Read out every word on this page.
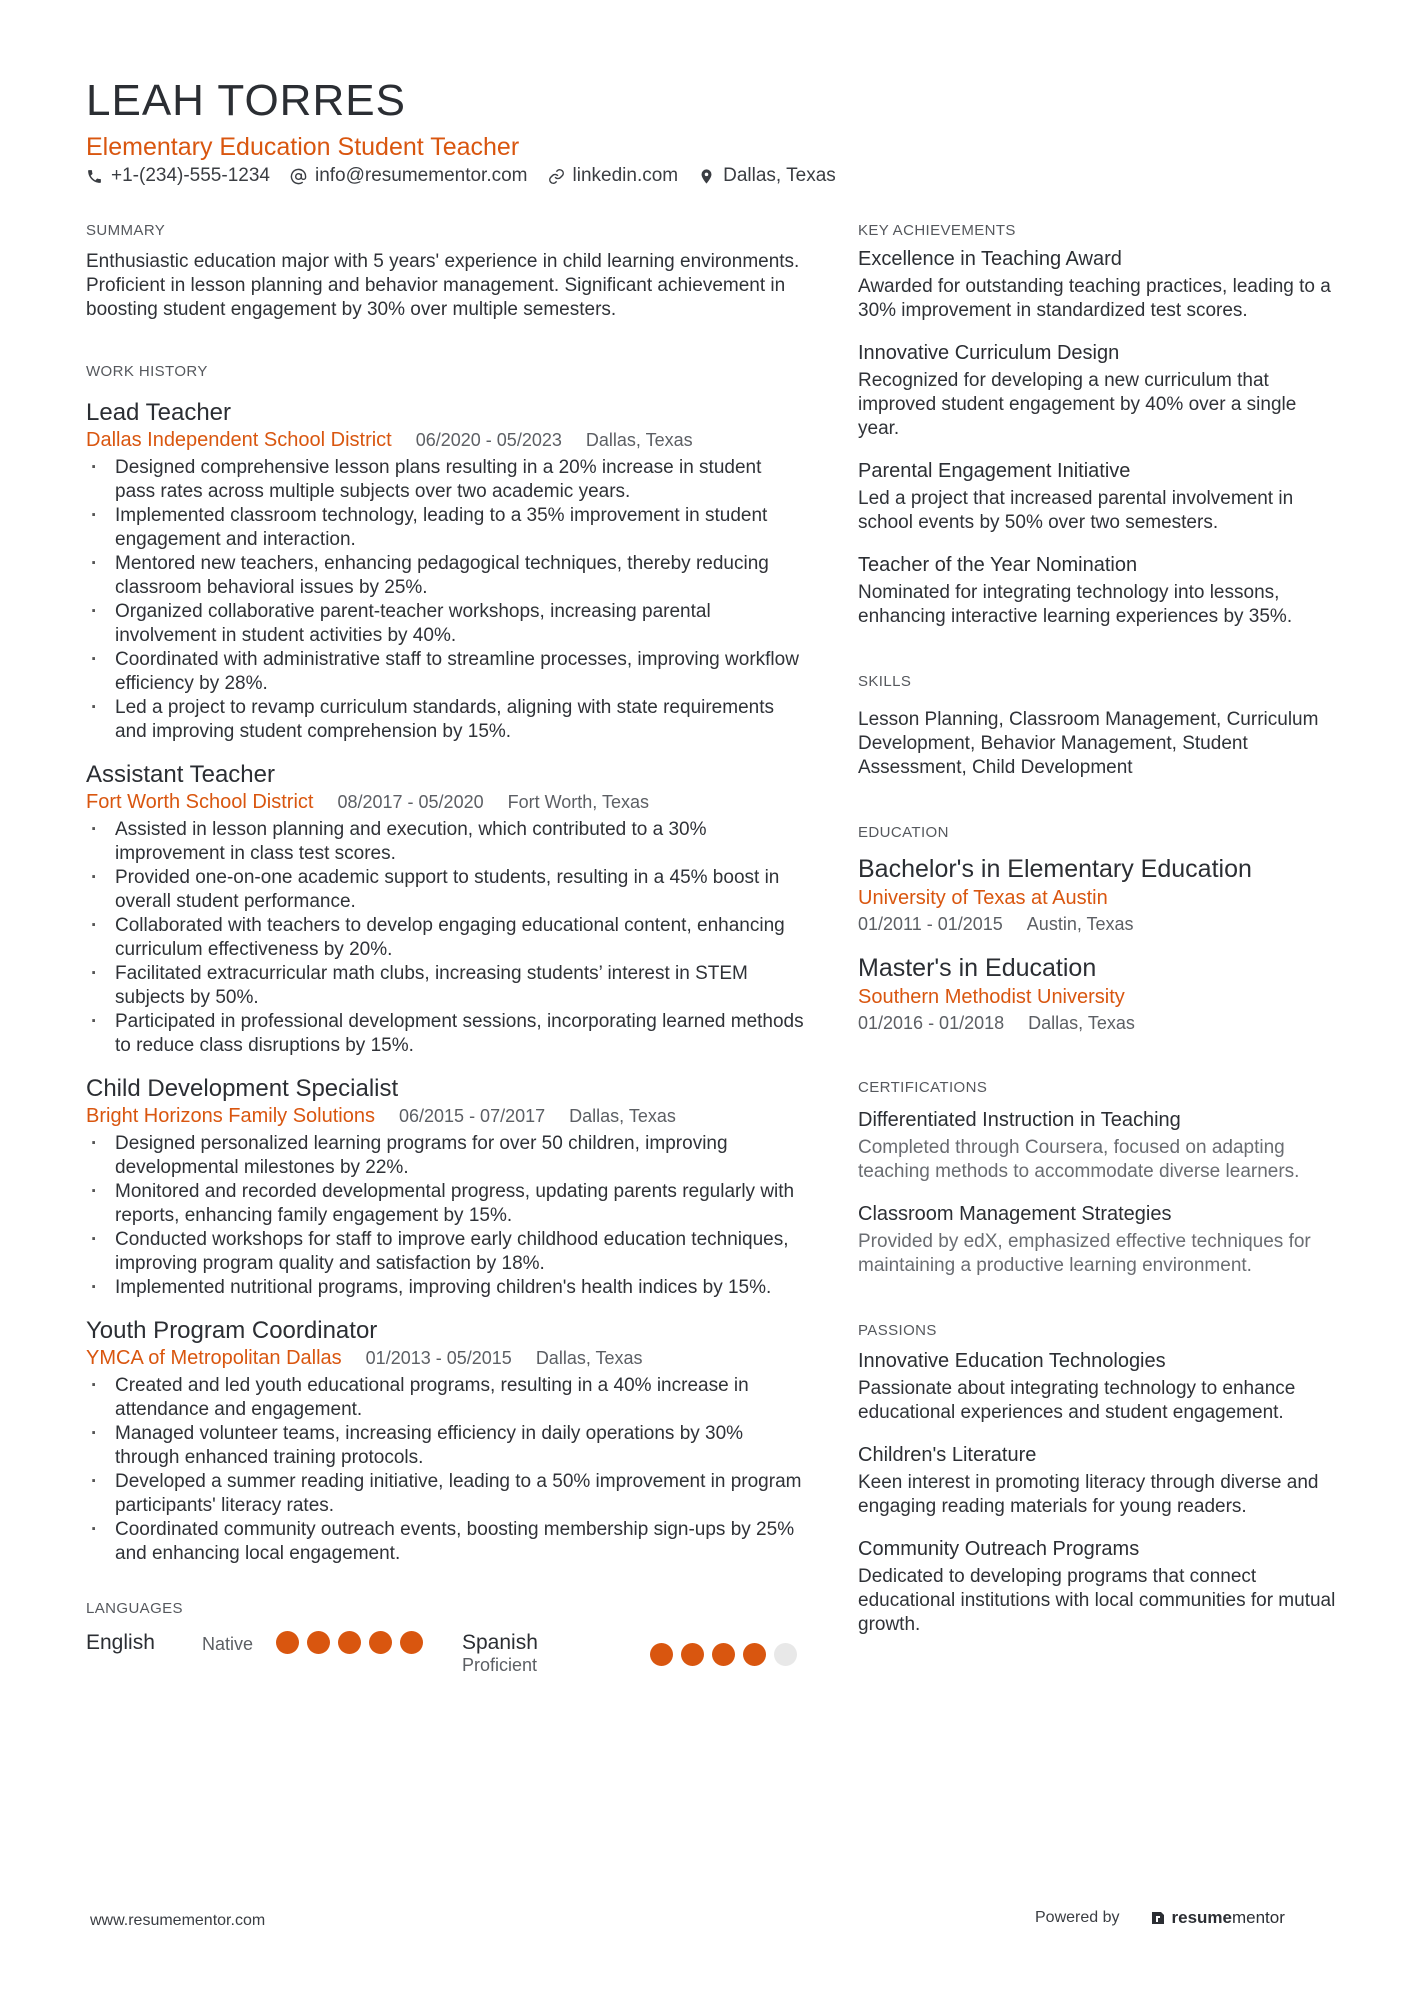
LEAH TORRES
Elementary Education Student Teacher
+1-(234)-555-1234 info@resumementor.com linkedin.com Dallas, Texas
SUMMARY
Enthusiastic education major with 5 years' experience in child learning environments. Proficient in lesson planning and behavior management. Significant achievement in boosting student engagement by 30% over multiple semesters.
WORK HISTORY
Lead Teacher
Dallas Independent School District 06/2020 - 05/2023 Dallas, Texas
· Designed comprehensive lesson plans resulting in a 20% increase in student pass rates across multiple subjects over two academic years.
· Implemented classroom technology, leading to a 35% improvement in student engagement and interaction.
· Mentored new teachers, enhancing pedagogical techniques, thereby reducing classroom behavioral issues by 25%.
· Organized collaborative parent-teacher workshops, increasing parental involvement in student activities by 40%.
· Coordinated with administrative staff to streamline processes, improving workflow efficiency by 28%.
· Led a project to revamp curriculum standards, aligning with state requirements and improving student comprehension by 15%.
Assistant Teacher
Fort Worth School District 08/2017 - 05/2020 Fort Worth, Texas
· Assisted in lesson planning and execution, which contributed to a 30% improvement in class test scores.
· Provided one-on-one academic support to students, resulting in a 45% boost in overall student performance.
· Collaborated with teachers to develop engaging educational content, enhancing curriculum effectiveness by 20%.
· Facilitated extracurricular math clubs, increasing students’ interest in STEM subjects by 50%.
· Participated in professional development sessions, incorporating learned methods to reduce class disruptions by 15%.
Child Development Specialist
Bright Horizons Family Solutions 06/2015 - 07/2017 Dallas, Texas
· Designed personalized learning programs for over 50 children, improving developmental milestones by 22%.
· Monitored and recorded developmental progress, updating parents regularly with reports, enhancing family engagement by 15%.
· Conducted workshops for staff to improve early childhood education techniques, improving program quality and satisfaction by 18%.
· Implemented nutritional programs, improving children's health indices by 15%.
Youth Program Coordinator
YMCA of Metropolitan Dallas 01/2013 - 05/2015 Dallas, Texas
· Created and led youth educational programs, resulting in a 40% increase in attendance and engagement.
· Managed volunteer teams, increasing efficiency in daily operations by 30% through enhanced training protocols.
· Developed a summer reading initiative, leading to a 50% improvement in program participants' literacy rates.
· Coordinated community outreach events, boosting membership sign-ups by 25% and enhancing local engagement.
LANGUAGES
English	Native	Spanish
Proficient
KEY ACHIEVEMENTS
Excellence in Teaching Award
Awarded for outstanding teaching practices, leading to a 30% improvement in standardized test scores.
Innovative Curriculum Design
Recognized for developing a new curriculum that improved student engagement by 40% over a single year.
Parental Engagement Initiative
Led a project that increased parental involvement in school events by 50% over two semesters.
Teacher of the Year Nomination
Nominated for integrating technology into lessons, enhancing interactive learning experiences by 35%.
SKILLS
Lesson Planning, Classroom Management, Curriculum Development, Behavior Management, Student Assessment, Child Development
EDUCATION
Bachelor's in Elementary Education
University of Texas at Austin
01/2011 - 01/2015 Austin, Texas
Master's in Education
Southern Methodist University
01/2016 - 01/2018 Dallas, Texas
CERTIFICATIONS
Differentiated Instruction in Teaching
Completed through Coursera, focused on adapting teaching methods to accommodate diverse learners.
Classroom Management Strategies
Provided by edX, emphasized effective techniques for maintaining a productive learning environment.
PASSIONS
Innovative Education Technologies
Passionate about integrating technology to enhance educational experiences and student engagement.
Children's Literature
Keen interest in promoting literacy through diverse and engaging reading materials for young readers.
Community Outreach Programs
Dedicated to developing programs that connect educational institutions with local communities for mutual growth.
www.resumementor.com	Powered by	resume mentor
